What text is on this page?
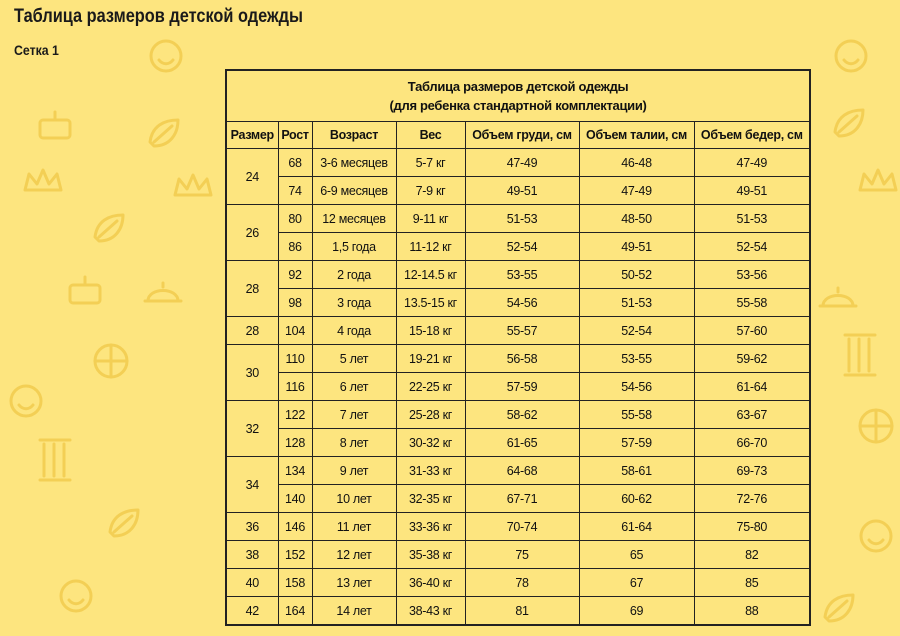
Таблица размеров детской одежды
Сетка 1
Таблица размеров детской одежды
(для ребенка стандартной комплектации)						

Размер	Рост	Возраст	Вес	Объем груди, см	Объем талии, см	Объем бедер, см
24	68	3-6 месяцев	5-7 кг	47-49	46-48	47-49
	74	6-9 месяцев	7-9 кг	49-51	47-49	49-51
26	80	12 месяцев	9-11 кг	51-53	48-50	51-53
	86	1,5 года	11-12 кг	52-54	49-51	52-54
28	92	2 года	12-14.5 кг	53-55	50-52	53-56
	98	3 года	13.5-15 кг	54-56	51-53	55-58
28	104	4 года	15-18 кг	55-57	52-54	57-60
30	110	5 лет	19-21 кг	56-58	53-55	59-62
	116	6 лет	22-25 кг	57-59	54-56	61-64
32	122	7 лет	25-28 кг	58-62	55-58	63-67
	128	8 лет	30-32 кг	61-65	57-59	66-70
34	134	9 лет	31-33 кг	64-68	58-61	69-73
	140	10 лет	32-35 кг	67-71	60-62	72-76
36	146	11 лет	33-36 кг	70-74	61-64	75-80
38	152	12 лет	35-38 кг	75	65	82
40	158	13 лет	36-40 кг	78	67	85
42	164	14 лет	38-43 кг	81	69	88
